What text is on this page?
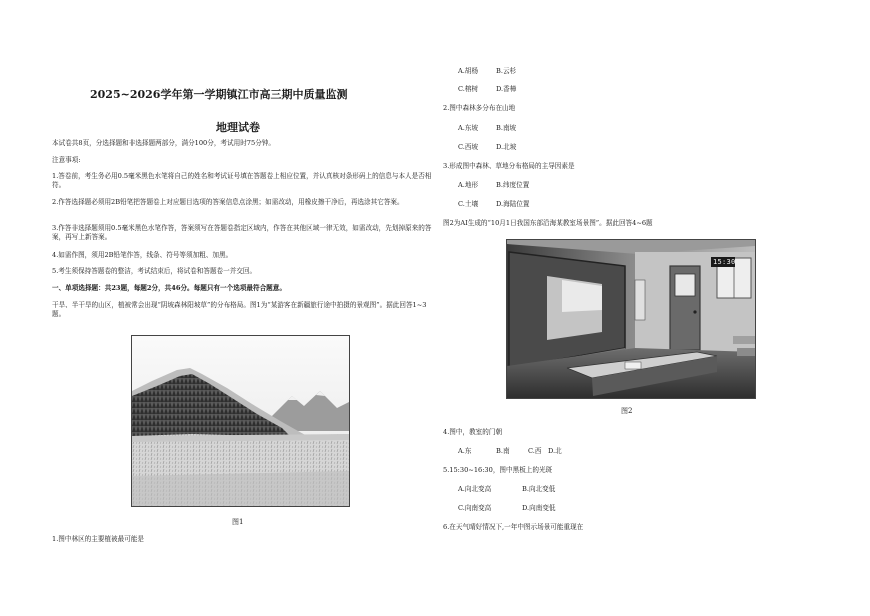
2025~2026学年第一学期镇江市高三期中质量监测
地理试卷
本试卷共8页，分选择题和非选择题两部分，满分100分，考试用时75分钟。
注意事项:
1.答卷前，考生务必用0.5毫米黑色水笔将自己的姓名和考试证号填在答题卷上相应位置，并认真核对条形码上的信息与本人是否相符。
2.作答选择题必须用2B铅笔把答题卷上对应题目选项的答案信息点涂黑；如需改动，用橡皮擦干净后，再选涂其它答案。
3.作答非选择题须用0.5毫米黑色水笔作答，答案须写在答题卷指定区域内，作答在其他区域一律无效，如需改动，先划掉原来的答案，再写上新答案。
4.如需作图，须用2B铅笔作答，线条、符号等须加粗、加黑。
5.考生须保持答题卷的整洁，考试结束后，将试卷和答题卷一并交回。
一、单项选择题：共23题，每题2分，共46分。每题只有一个选项最符合题意。
干旱、半干旱的山区，植被常会出现“阴坡森林阳坡草”的分布格局。图1为“某游客在新疆旅行途中拍摄的景观图”。据此回答1~3题。
图1
1.图中林区的主要植被最可能是
A.胡杨	B.云杉
C.榕树	D.香樟
2.图中森林多分布在山地
A.东坡	B.南坡
C.西坡	D.北坡
3.形成图中森林、草地分布格局的主导因素是
A.地形	B.纬度位置
C.土壤	D.海陆位置
图2为AI生成的“10月1日我国东部沿海某教室场景图”。据此回答4~6题
15:30
图2
4.图中，教室的门朝
A.东	B.南	C.西 D.北
5.15:30~16:30，图中黑板上的光斑
A.向北变高	B.向北变低
C.向南变高	D.向南变低
6.在天气晴好情况下,一年中图示场景可能重现在
